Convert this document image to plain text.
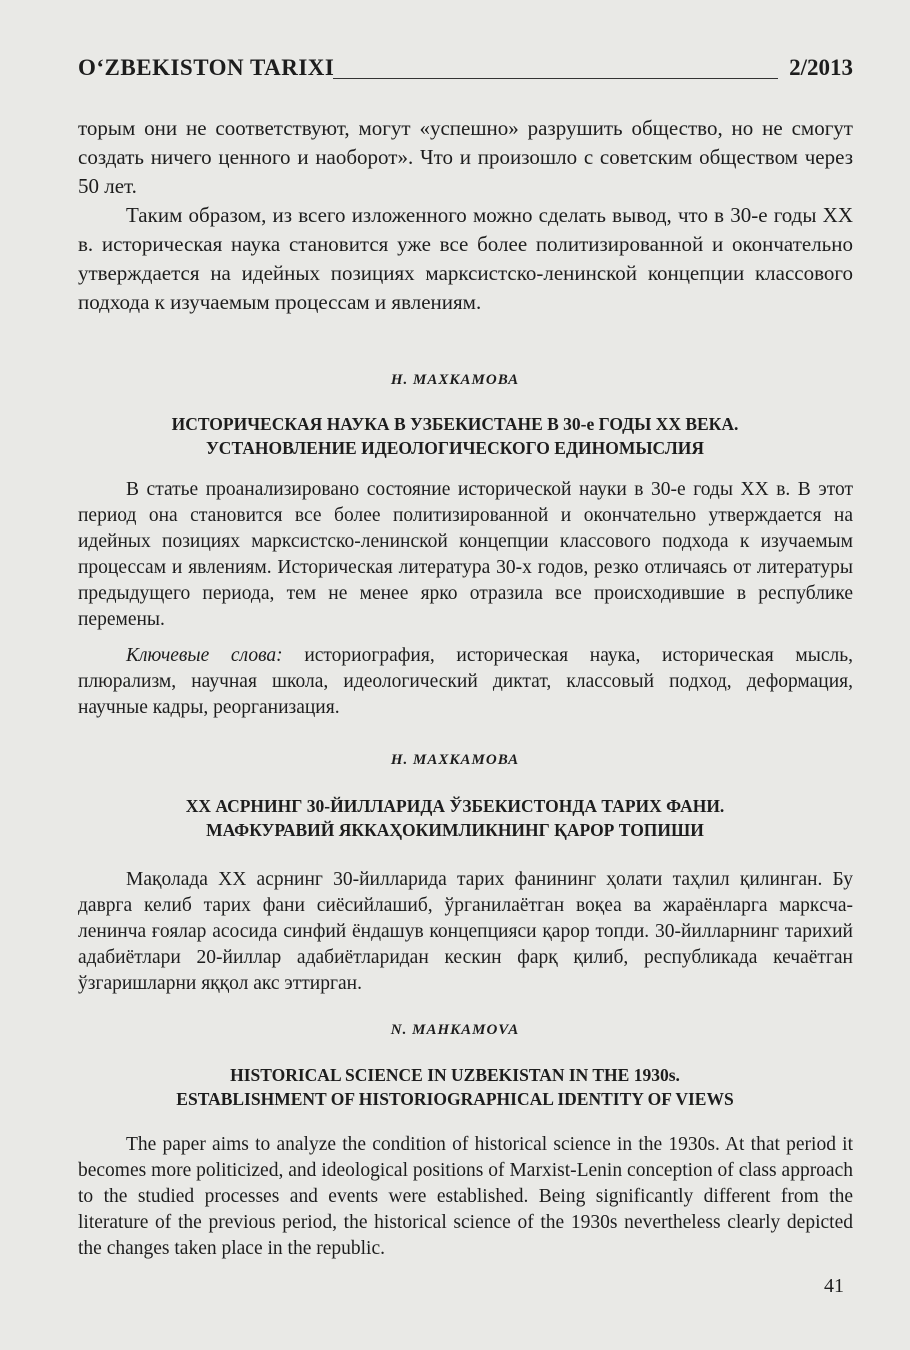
O‘ZBEKISTON TARIXI	2/2013

торым они не соответствуют, могут «успешно» разрушить общество, но не смогут создать ничего ценного и наоборот». Что и произошло с советским обществом через 50 лет.

Таким образом, из всего изложенного можно сделать вывод, что в 30-е годы XX в. историческая наука становится уже все более политизированной и окончательно утверждается на идейных позициях марксистско-ленинской концепции классового подхода к изучаемым процессам и явлениям.

Н. МАХКАМОВА

ИСТОРИЧЕСКАЯ НАУКА В УЗБЕКИСТАНЕ В 30-е ГОДЫ XX ВЕКА.
УСТАНОВЛЕНИЕ ИДЕОЛОГИЧЕСКОГО ЕДИНОМЫСЛИЯ

В статье проанализировано состояние исторической науки в 30-е годы XX в. В этот период она становится все более политизированной и окончательно утверждается на идейных позициях марксистско-ленинской концепции классового подхода к изучаемым процессам и явлениям. Историческая литература 30-х годов, резко отличаясь от литературы предыдущего периода, тем не менее ярко отразила все происходившие в республике перемены.

Ключевые слова: историография, историческая наука, историческая мысль, плюрализм, научная школа, идеологический диктат, классовый подход, деформация, научные кадры, реорганизация.

Н. МАХКАМОВА

XX АСРНИНГ 30-ЙИЛЛАРИДА ЎЗБЕКИСТОНДА ТАРИХ ФАНИ.
МАФКУРАВИЙ ЯККАҲОКИМЛИКНИНГ ҚАРОР ТОПИШИ

Мақолада XX асрнинг 30-йилларида тарих фанининг ҳолати таҳлил қилинган. Бу даврга келиб тарих фани сиёсийлашиб, ўрганилаётган воқеа ва жараёнларга маркcча-ленинча ғоялар асосида синфий ёндашув концепцияси қарор топди. 30-йилларнинг тарихий адабиётлари 20-йиллар адабиётларидан кескин фарқ қилиб, республикада кечаётган ўзгаришларни яққол акс эттирган.

N. MAHKAMOVA

HISTORICAL SCIENCE IN UZBEKISTAN IN THE 1930s.
ESTABLISHMENT OF HISTORIOGRAPHICAL IDENTITY OF VIEWS

The paper aims to analyze the condition of historical science in the 1930s. At that period it becomes more politicized, and ideological positions of Marxist-Lenin conception of class approach to the studied processes and events were established. Being significantly different from the literature of the previous period, the historical science of the 1930s nevertheless clearly depicted the changes taken place in the republic.

41
